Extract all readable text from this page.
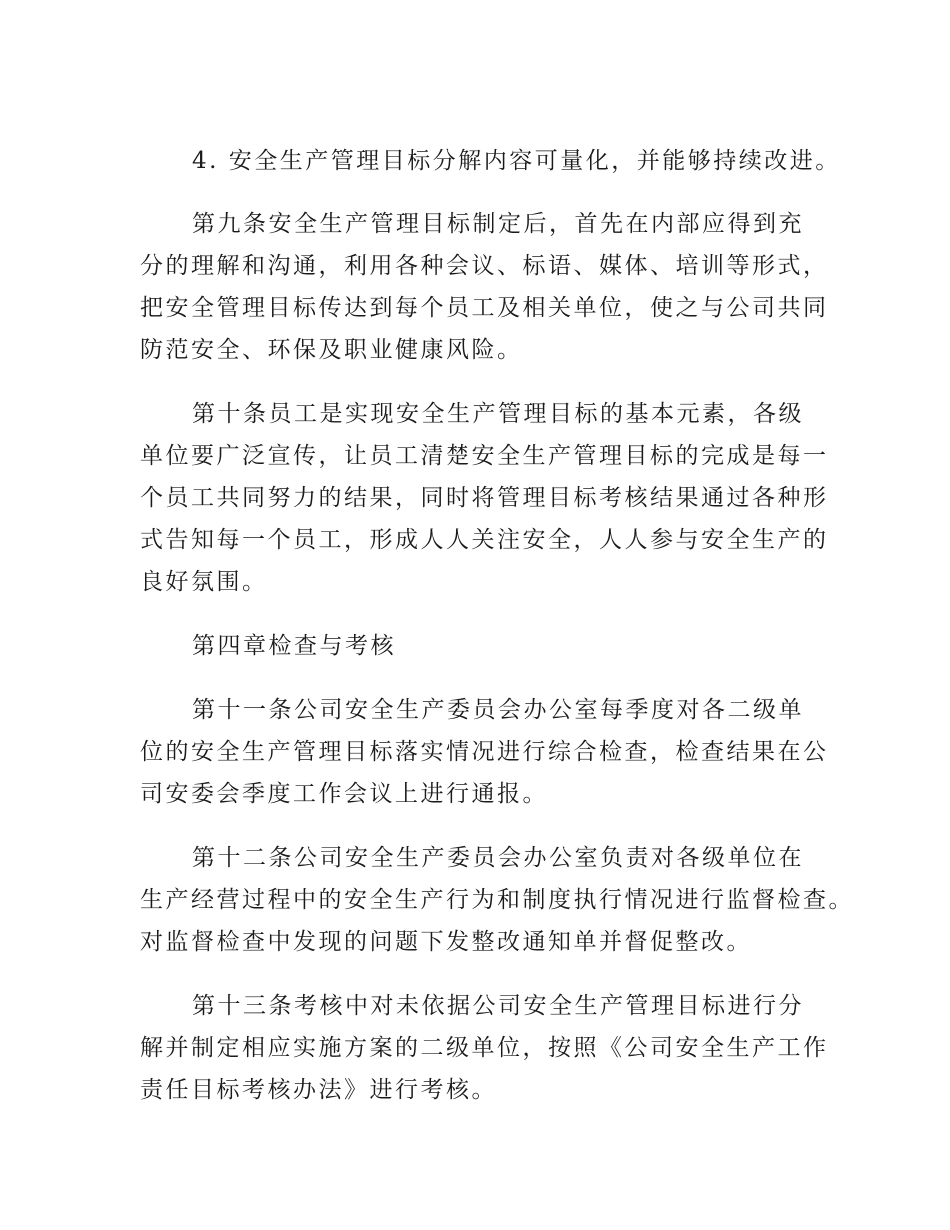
4. 安全生产管理目标分解内容可量化，并能够持续改进。

第九条安全生产管理目标制定后，首先在内部应得到充

分的理解和沟通，利用各种会议、标语、媒体、培训等形式，

把安全管理目标传达到每个员工及相关单位，使之与公司共同

防范安全、环保及职业健康风险。

第十条员工是实现安全生产管理目标的基本元素，各级

单位要广泛宣传，让员工清楚安全生产管理目标的完成是每一

个员工共同努力的结果，同时将管理目标考核结果通过各种形

式告知每一个员工，形成人人关注安全，人人参与安全生产的

良好氛围。

第四章检查与考核

第十一条公司安全生产委员会办公室每季度对各二级单

位的安全生产管理目标落实情况进行综合检查，检查结果在公

司安委会季度工作会议上进行通报。

第十二条公司安全生产委员会办公室负责对各级单位在

生产经营过程中的安全生产行为和制度执行情况进行监督检查。

对监督检查中发现的问题下发整改通知单并督促整改。

第十三条考核中对未依据公司安全生产管理目标进行分

解并制定相应实施方案的二级单位，按照《公司安全生产工作

责任目标考核办法》进行考核。
